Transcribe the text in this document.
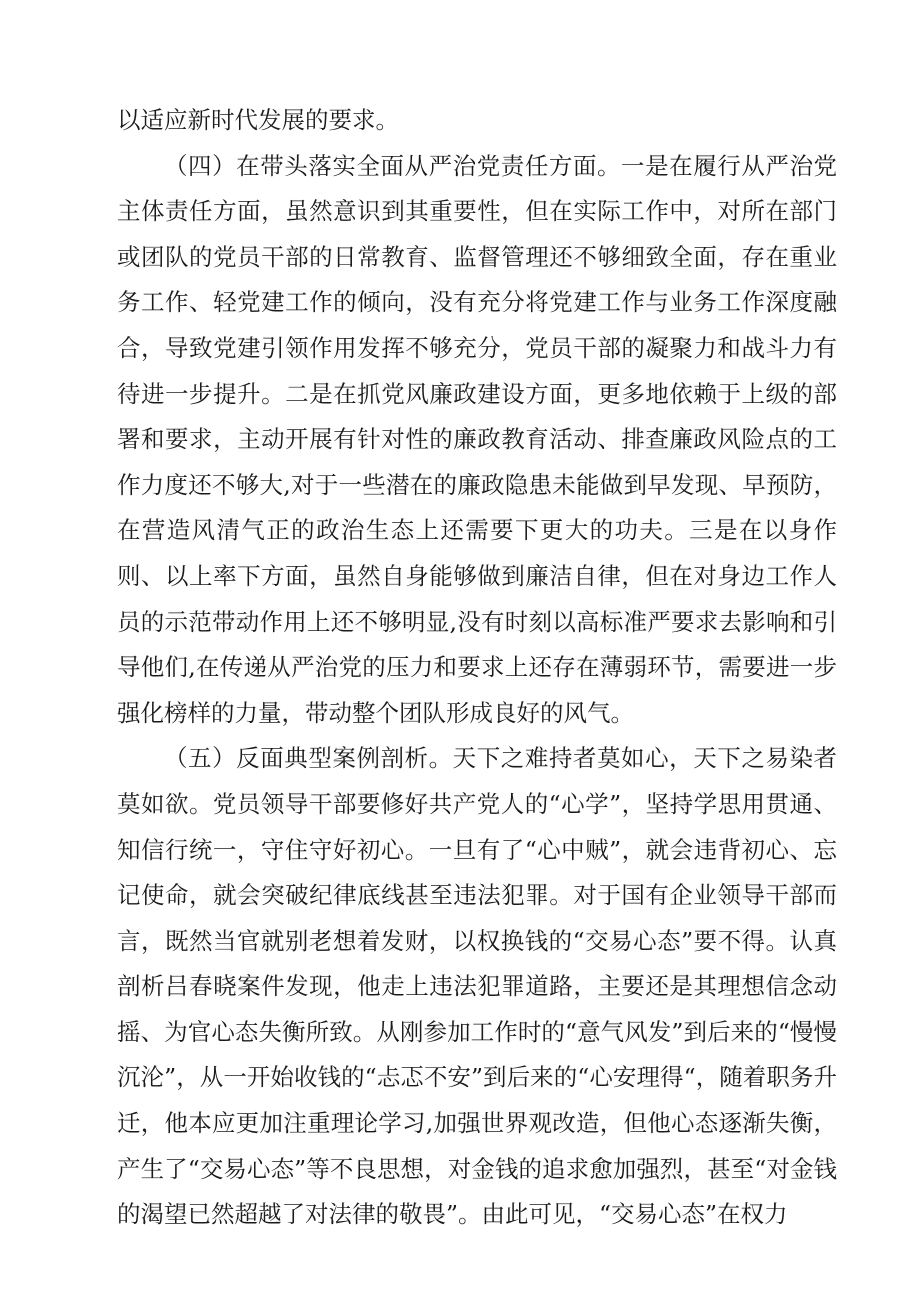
以适应新时代发展的要求。

（四）在带头落实全面从严治党责任方面。一是在履行从严治党主体责任方面，虽然意识到其重要性，但在实际工作中，对所在部门或团队的党员干部的日常教育、监督管理还不够细致全面，存在重业务工作、轻党建工作的倾向，没有充分将党建工作与业务工作深度融合，导致党建引领作用发挥不够充分，党员干部的凝聚力和战斗力有待进一步提升。二是在抓党风廉政建设方面，更多地依赖于上级的部署和要求，主动开展有针对性的廉政教育活动、排查廉政风险点的工作力度还不够大,对于一些潜在的廉政隐患未能做到早发现、早预防，在营造风清气正的政治生态上还需要下更大的功夫。三是在以身作则、以上率下方面，虽然自身能够做到廉洁自律，但在对身边工作人员的示范带动作用上还不够明显,没有时刻以高标准严要求去影响和引导他们,在传递从严治党的压力和要求上还存在薄弱环节，需要进一步强化榜样的力量，带动整个团队形成良好的风气。

（五）反面典型案例剖析。天下之难持者莫如心，天下之易染者莫如欲。党员领导干部要修好共产党人的“心学”，坚持学思用贯通、知信行统一，守住守好初心。一旦有了“心中贼”，就会违背初心、忘记使命，就会突破纪律底线甚至违法犯罪。对于国有企业领导干部而言，既然当官就别老想着发财，以权换钱的“交易心态”要不得。认真剖析吕春晓案件发现，他走上违法犯罪道路，主要还是其理想信念动摇、为官心态失衡所致。从刚参加工作时的“意气风发”到后来的“慢慢沉沦”，从一开始收钱的“忐忑不安”到后来的“心安理得“，随着职务升迁，他本应更加注重理论学习,加强世界观改造，但他心态逐渐失衡，产生了“交易心态”等不良思想，对金钱的追求愈加强烈，甚至“对金钱的渴望已然超越了对法律的敬畏”。由此可见，“交易心态”在权力
